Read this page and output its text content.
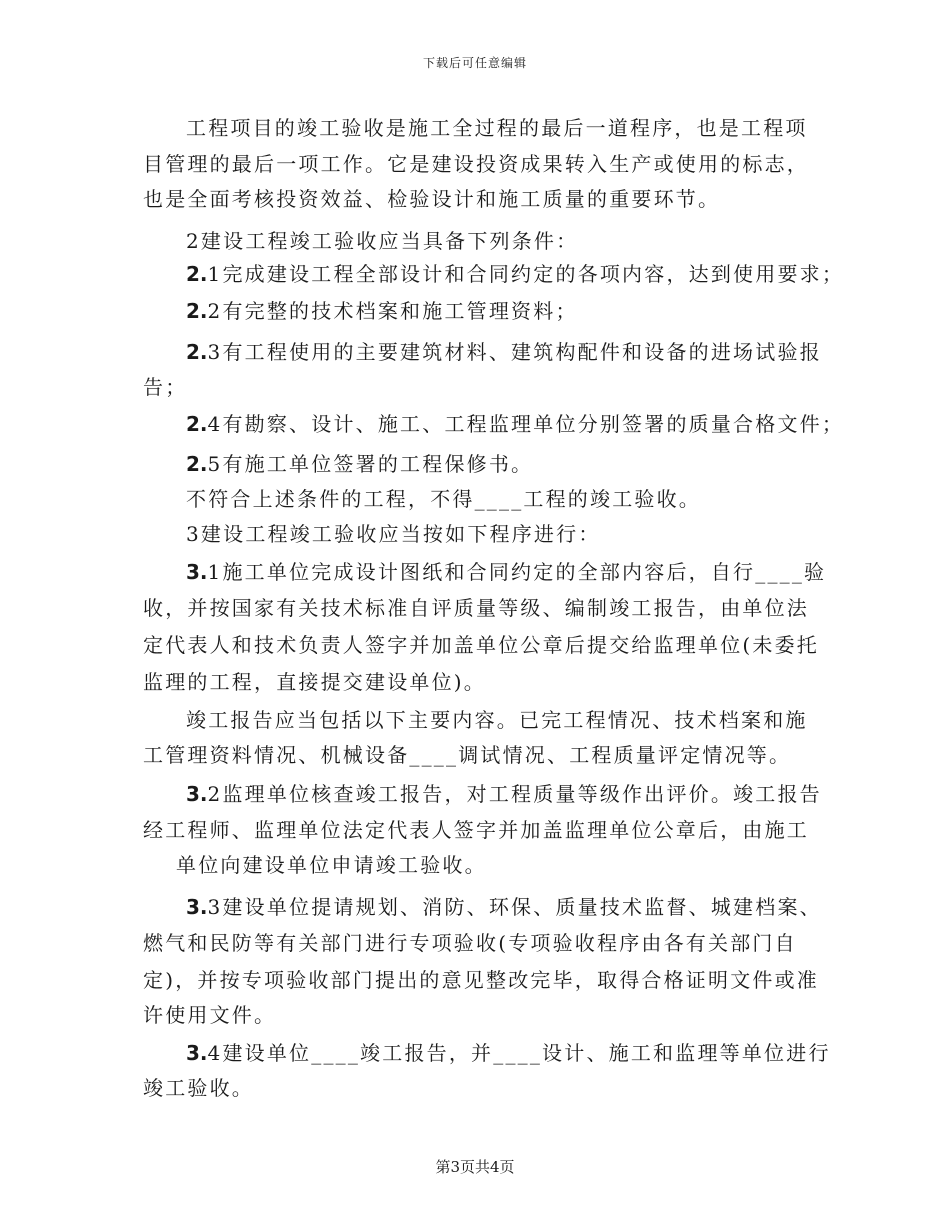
下载后可任意编辑
工程项目的竣工验收是施工全过程的最后一道程序，也是工程项
目管理的最后一项工作。它是建设投资成果转入生产或使用的标志，
也是全面考核投资效益、检验设计和施工质量的重要环节。
2建设工程竣工验收应当具备下列条件：
2.1完成建设工程全部设计和合同约定的各项内容，达到使用要求；
2.2有完整的技术档案和施工管理资料；
2.3有工程使用的主要建筑材料、建筑构配件和设备的进场试验报
告；
2.4有勘察、设计、施工、工程监理单位分别签署的质量合格文件；
2.5有施工单位签署的工程保修书。
不符合上述条件的工程，不得____工程的竣工验收。
3建设工程竣工验收应当按如下程序进行：
3.1施工单位完成设计图纸和合同约定的全部内容后，自行____验
收，并按国家有关技术标准自评质量等级、编制竣工报告，由单位法
定代表人和技术负责人签字并加盖单位公章后提交给监理单位(未委托
监理的工程，直接提交建设单位)。
竣工报告应当包括以下主要内容。已完工程情况、技术档案和施
工管理资料情况、机械设备____调试情况、工程质量评定情况等。
3.2监理单位核查竣工报告，对工程质量等级作出评价。竣工报告
经工程师、监理单位法定代表人签字并加盖监理单位公章后，由施工
单位向建设单位申请竣工验收。
3.3建设单位提请规划、消防、环保、质量技术监督、城建档案、
燃气和民防等有关部门进行专项验收(专项验收程序由各有关部门自
定)，并按专项验收部门提出的意见整改完毕，取得合格证明文件或准
许使用文件。
3.4建设单位____竣工报告，并____设计、施工和监理等单位进行
竣工验收。
第3页共4页
